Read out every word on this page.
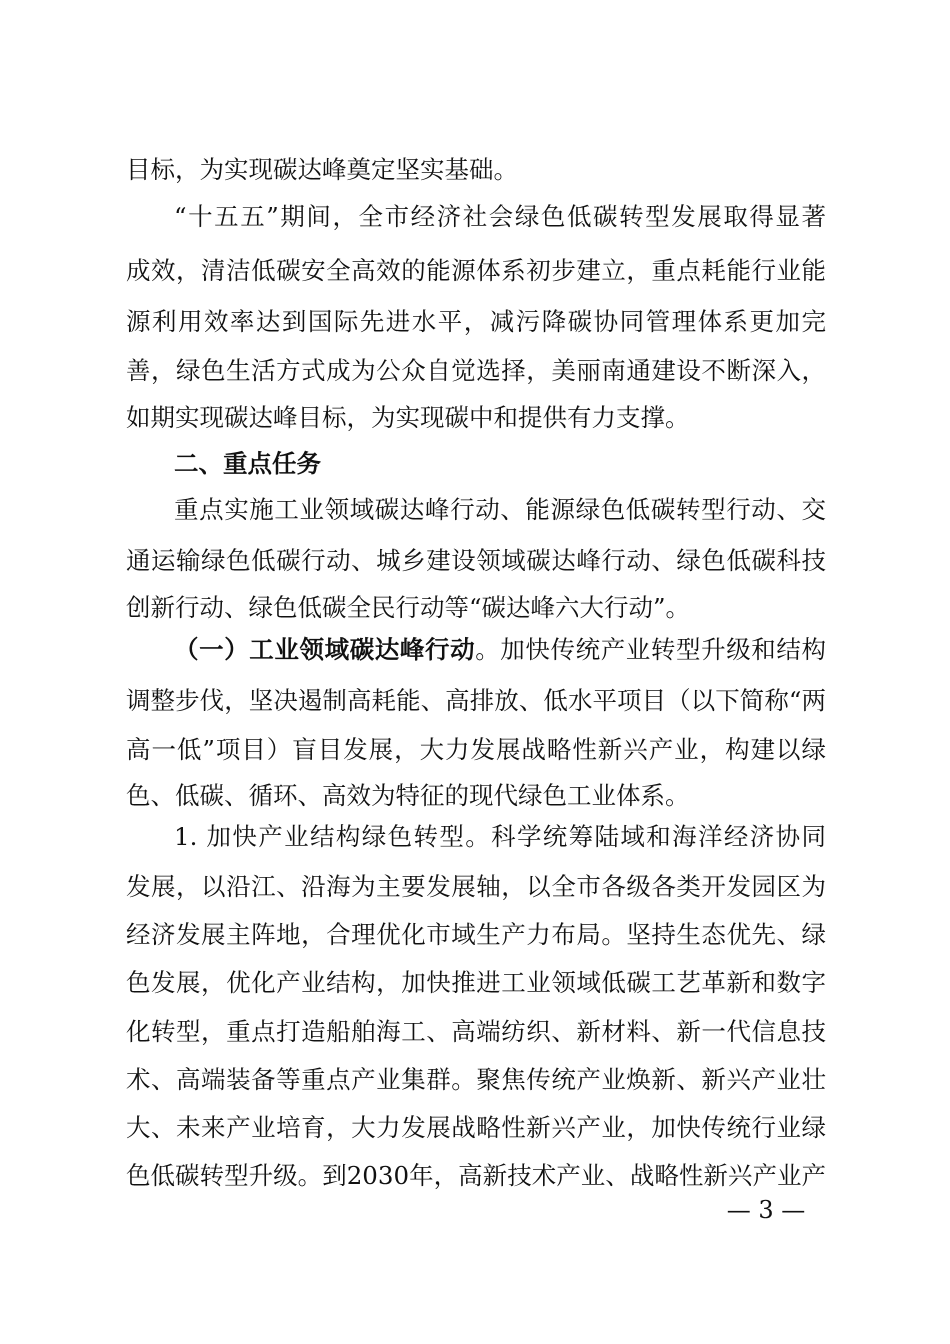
目标，为实现碳达峰奠定坚实基础。
“十五五”期间，全市经济社会绿色低碳转型发展取得显著
成效，清洁低碳安全高效的能源体系初步建立，重点耗能行业能
源利用效率达到国际先进水平，减污降碳协同管理体系更加完
善，绿色生活方式成为公众自觉选择，美丽南通建设不断深入，
如期实现碳达峰目标，为实现碳中和提供有力支撑。
二、重点任务
重点实施工业领域碳达峰行动、能源绿色低碳转型行动、交
通运输绿色低碳行动、城乡建设领域碳达峰行动、绿色低碳科技
创新行动、绿色低碳全民行动等“碳达峰六大行动”。
（一）工业领域碳达峰行动。加快传统产业转型升级和结构
调整步伐，坚决遏制高耗能、高排放、低水平项目（以下简称“两
高一低”项目）盲目发展，大力发展战略性新兴产业，构建以绿
色、低碳、循环、高效为特征的现代绿色工业体系。
1. 加快产业结构绿色转型。科学统筹陆域和海洋经济协同
发展，以沿江、沿海为主要发展轴，以全市各级各类开发园区为
经济发展主阵地，合理优化市域生产力布局。坚持生态优先、绿
色发展，优化产业结构，加快推进工业领域低碳工艺革新和数字
化转型，重点打造船舶海工、高端纺织、新材料、新一代信息技
术、高端装备等重点产业集群。聚焦传统产业焕新、新兴产业壮
大、未来产业培育，大力发展战略性新兴产业，加快传统行业绿
色低碳转型升级。到2030年，高新技术产业、战略性新兴产业产
— 3 —
